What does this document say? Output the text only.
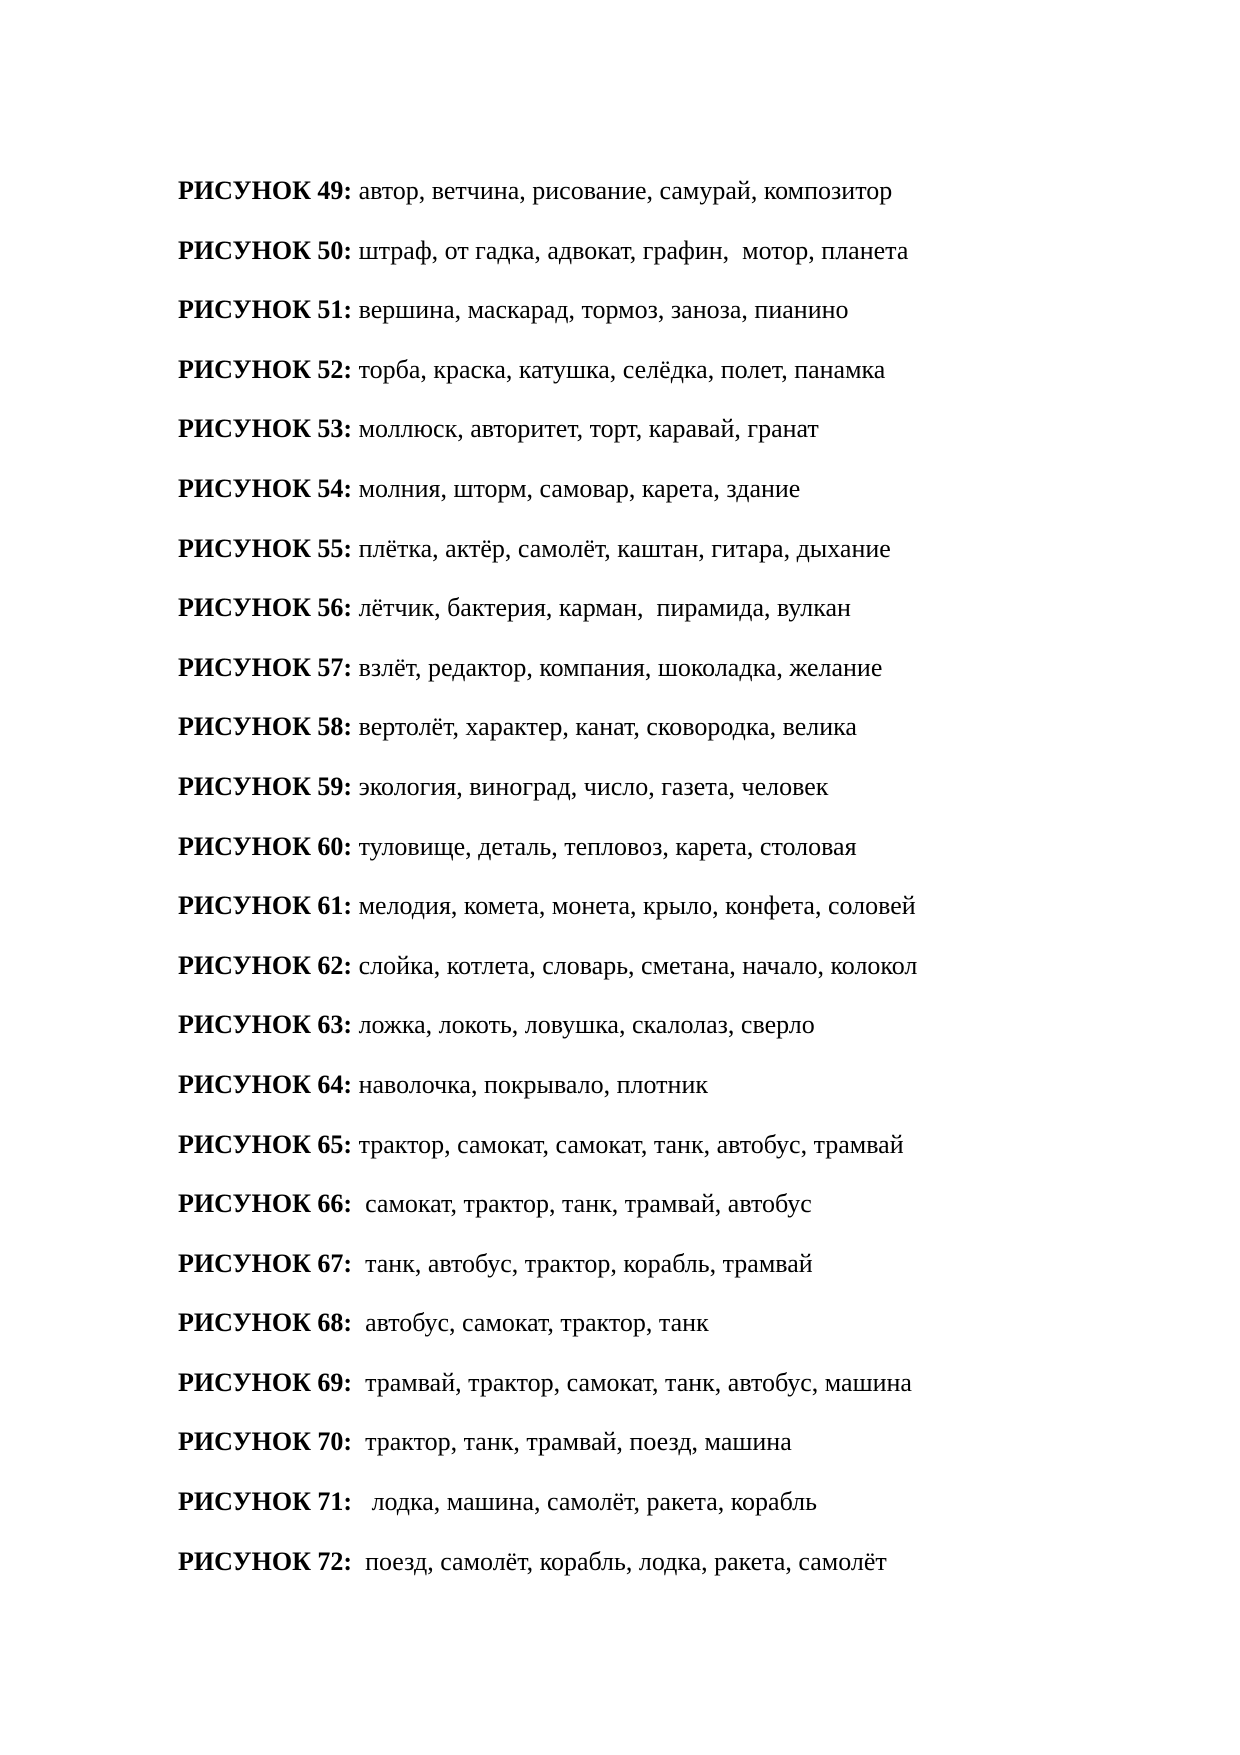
РИСУНОК 49: автор, ветчина, рисование, самурай, композитор
РИСУНОК 50: штраф, от гадка, адвокат, графин,  мотор, планета
РИСУНОК 51: вершина, маскарад, тормоз, заноза, пианино
РИСУНОК 52: торба, краска, катушка, селёдка, полет, панамка
РИСУНОК 53: моллюск, авторитет, торт, каравай, гранат
РИСУНОК 54: молния, шторм, самовар, карета, здание
РИСУНОК 55: плётка, актёр, самолёт, каштан, гитара, дыхание
РИСУНОК 56: лётчик, бактерия, карман,  пирамида, вулкан
РИСУНОК 57: взлёт, редактор, компания, шоколадка, желание
РИСУНОК 58: вертолёт, характер, канат, сковородка, велика
РИСУНОК 59: экология, виноград, число, газета, человек
РИСУНОК 60: туловище, деталь, тепловоз, карета, столовая
РИСУНОК 61: мелодия, комета, монета, крыло, конфета, соловей
РИСУНОК 62: слойка, котлета, словарь, сметана, начало, колокол
РИСУНОК 63: ложка, локоть, ловушка, скалолаз, сверло
РИСУНОК 64: наволочка, покрывало, плотник
РИСУНОК 65: трактор, самокат, самокат, танк, автобус, трамвай
РИСУНОК 66:  самокат, трактор, танк, трамвай, автобус
РИСУНОК 67:  танк, автобус, трактор, корабль, трамвай
РИСУНОК 68:  автобус, самокат, трактор, танк
РИСУНОК 69:  трамвай, трактор, самокат, танк, автобус, машина
РИСУНОК 70:  трактор, танк, трамвай, поезд, машина
РИСУНОК 71:   лодка, машина, самолёт, ракета, корабль
РИСУНОК 72:  поезд, самолёт, корабль, лодка, ракета, самолёт
